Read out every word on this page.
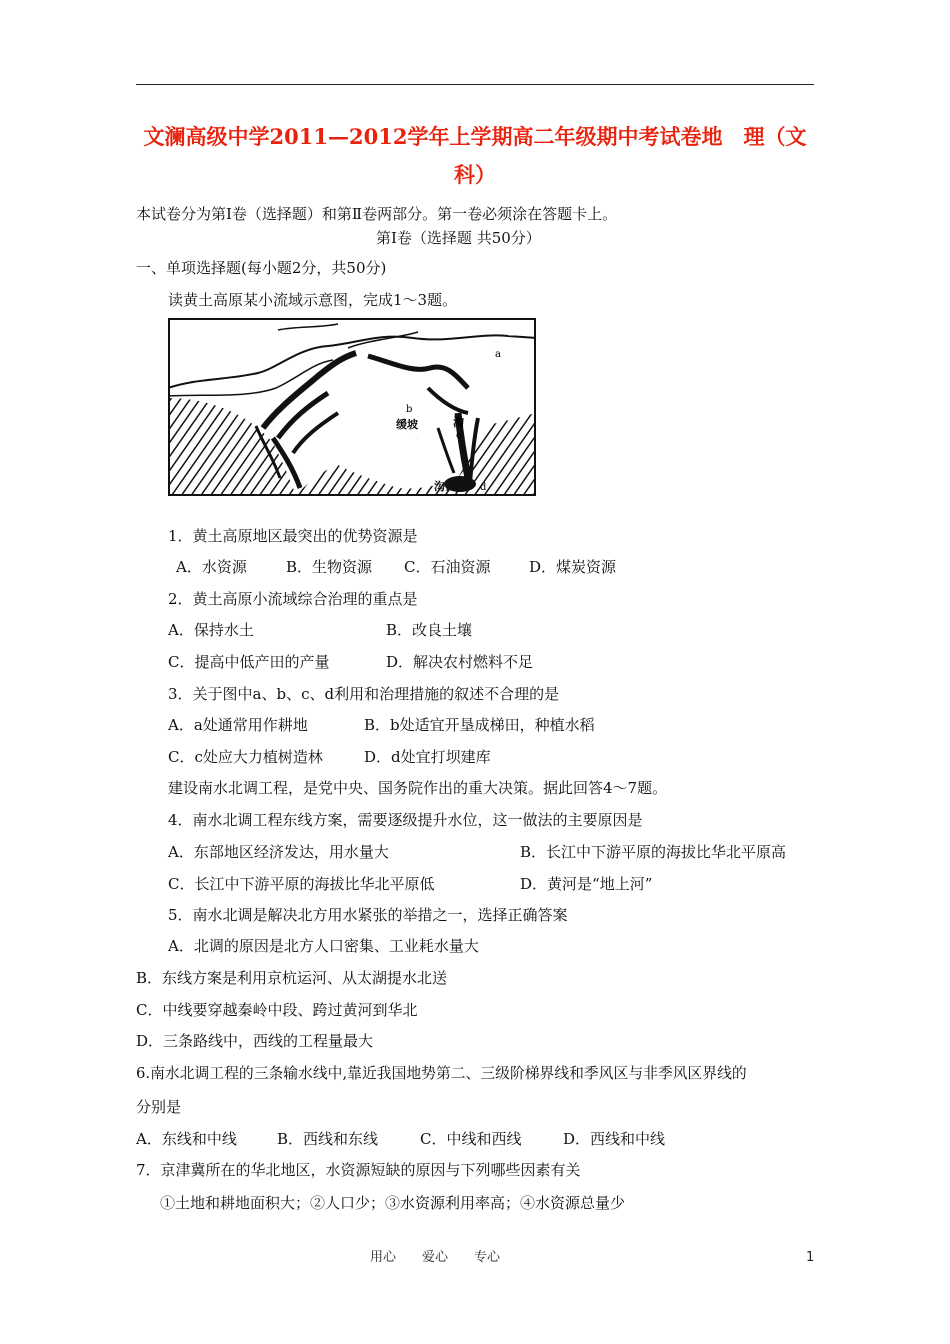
文澜高级中学2011—2012学年上学期高二年级期中考试卷地　理（文科）
本试卷分为第Ⅰ卷（选择题）和第Ⅱ卷两部分。第一卷必须涂在答题卡上。
第Ⅰ卷（选择题 共50分）
一、单项选择题(每小题2分，共50分)
读黄土高原某小流域示意图，完成1～3题。
a
b
c
d
缓坡	沟
沟口
1．黄土高原地区最突出的优势资源是
A．水资源	B．生物资源 C．石油资源	D．煤炭资源
2．黄土高原小流域综合治理的重点是
A．保持水土	B．改良土壤
C．提高中低产田的产量	D．解决农村燃料不足
3．关于图中a、b、c、d利用和治理措施的叙述不合理的是
A．a处通常用作耕地	B．b处适宜开垦成梯田，种植水稻
C．c处应大力植树造林	D．d处宜打坝建库
建设南水北调工程，是党中央、国务院作出的重大决策。据此回答4～7题。
4．南水北调工程东线方案，需要逐级提升水位，这一做法的主要原因是
A．东部地区经济发达，用水量大	B．长江中下游平原的海拔比华北平原高
C．长江中下游平原的海拔比华北平原低	D．黄河是“地上河”
5．南水北调是解决北方用水紧张的举措之一，选择正确答案
A．北调的原因是北方人口密集、工业耗水量大
B．东线方案是利用京杭运河、从太湖提水北送
C．中线要穿越秦岭中段、跨过黄河到华北
D．三条路线中，西线的工程量最大
6.南水北调工程的三条输水线中,靠近我国地势第二、三级阶梯界线和季风区与非季风区界线的
分别是
A．东线和中线	B．西线和东线	C．中线和西线	D．西线和中线
7．京津冀所在的华北地区，水资源短缺的原因与下列哪些因素有关
①土地和耕地面积大；②人口少；③水资源利用率高；④水资源总量少
用心　　爱心　　专心	1
